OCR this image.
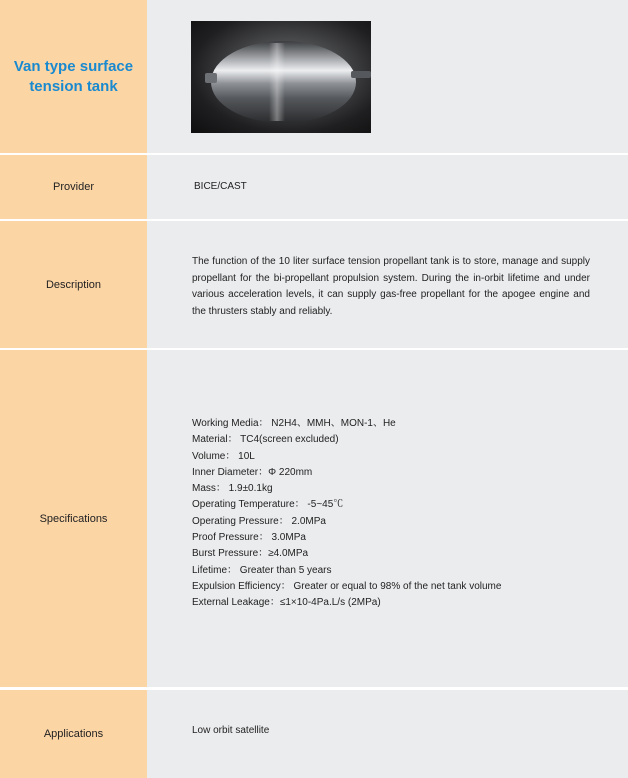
Van type surface
tension tank
Provider	BICE/CAST
Description
The function of the 10 liter surface tension propellant tank is to store, manage and supply propellant for the bi-propellant propulsion system. During the in-orbit lifetime and under various acceleration levels, it can supply gas-free propellant for the apogee engine and the thrusters stably and reliably.
Specifications
Working Media： N2H4、MMH、MON-1、He
Material： TC4(screen excluded)
Volume： 10L
Inner Diameter：Φ 220mm
Mass： 1.9±0.1kg
Operating Temperature： -5~45℃
Operating Pressure： 2.0MPa
Proof Pressure： 3.0MPa
Burst Pressure：≥4.0MPa
Lifetime： Greater than 5 years
Expulsion Efficiency： Greater or equal to 98% of the net tank volume
External Leakage：≤1×10-4Pa.L/s (2MPa)
Applications	Low orbit satellite
